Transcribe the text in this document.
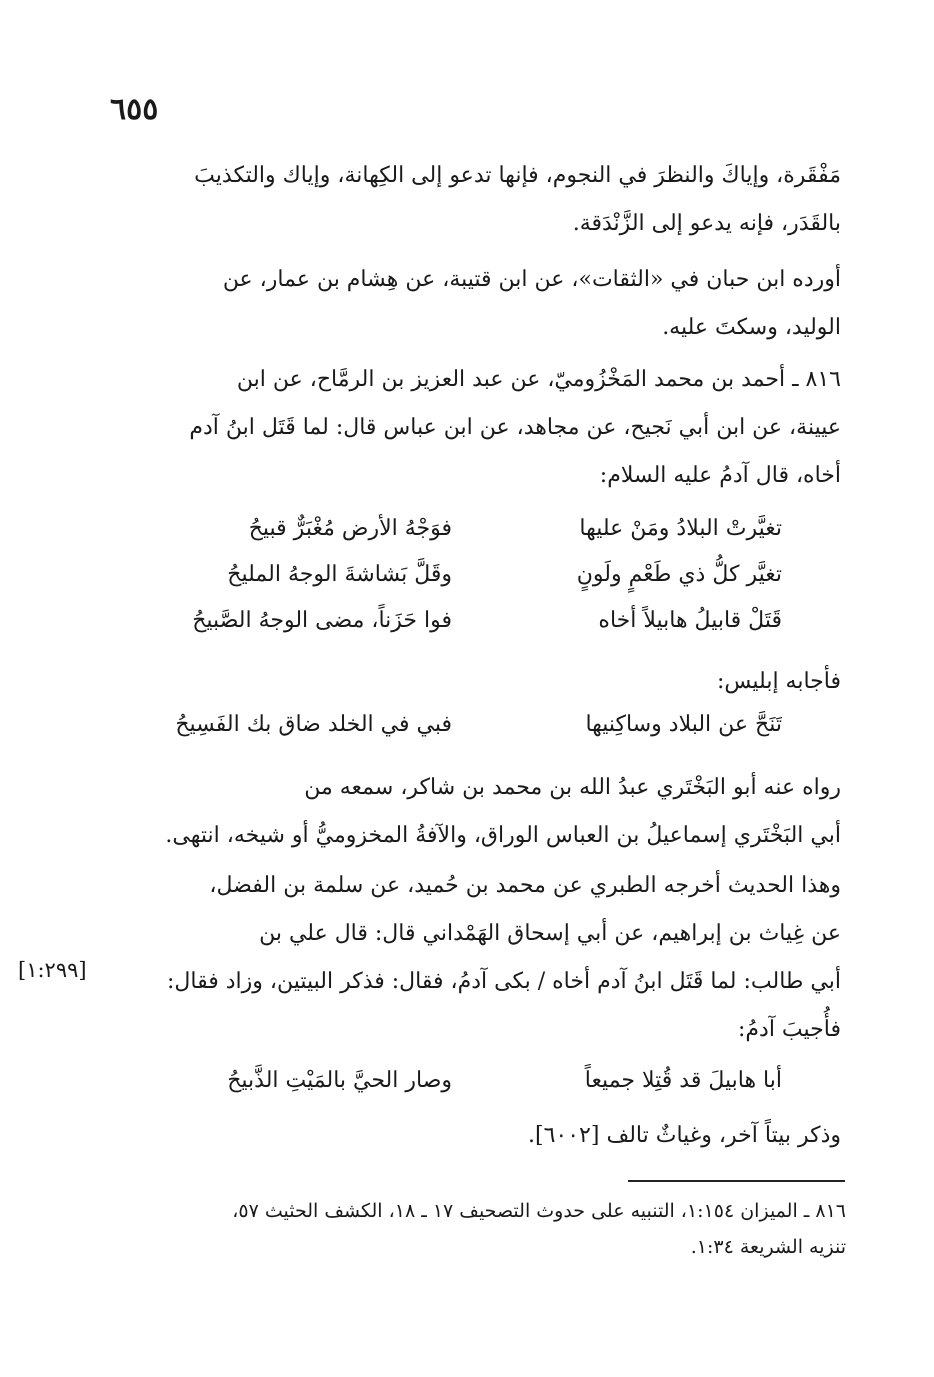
٦٥٥
مَفْقَرة، وإياكَ والنظرَ في النجوم، فإنها تدعو إلى الكِهانة، وإياك والتكذيبَ
بالقَدَر، فإنه يدعو إلى الزَّنْدَقة.
أورده ابن حبان في «الثقات»، عن ابن قتيبة، عن هِشام بن عمار، عن
الوليد، وسكتَ عليه.
٨١٦ ـ أحمد بن محمد المَخْزُوميّ، عن عبد العزيز بن الرمَّاح، عن ابن
عيينة، عن ابن أبي نَجيح، عن مجاهد، عن ابن عباس قال: لما قَتَل ابنُ آدم
أخاه، قال آدمُ عليه السلام:
تغيَّرتْ البلادُ ومَنْ عليها
فوَجْهُ الأرض مُغْبَرٌّ قبيحُ
تغيَّر كلُّ ذي طَعْمٍ ولَونٍ
وقَلَّ بَشاشةَ الوجهُ المليحُ
قَتَلْ قابيلُ هابيلاً أخاه
فوا حَزَناً، مضى الوجهُ الصَّبيحُ
فأجابه إبليس:
تَنَحَّ عن البلاد وساكِنيها
فبي في الخلد ضاق بك الفَسِيحُ
رواه عنه أبو البَخْتَري عبدُ الله بن محمد بن شاكر، سمعه من
أبي البَخْتَري إسماعيلُ بن العباس الوراق، والآفةُ المخزوميُّ أو شيخه، انتهى.
وهذا الحديث أخرجه الطبري عن محمد بن حُميد، عن سلمة بن الفضل،
عن غِياث بن إبراهيم، عن أبي إسحاق الهَمْداني قال: قال علي بن
أبي طالب: لما قَتَل ابنُ آدم أخاه / بكى آدمُ، فقال: فذكر البيتين، وزاد فقال:
فأُجيبَ آدمُ:
[١:٢٩٩]
أبا هابيلَ قد قُتِلا جميعاً
وصار الحيَّ بالمَيْتِ الذَّبيحُ
وذكر بيتاً آخر، وغياثٌ تالف [٦٠٠٢].
٨١٦ ـ الميزان ١:١٥٤، التنبيه على حدوث التصحيف ١٧ ـ ١٨، الكشف الحثيث ٥٧،
تنزيه الشريعة ١:٣٤.
